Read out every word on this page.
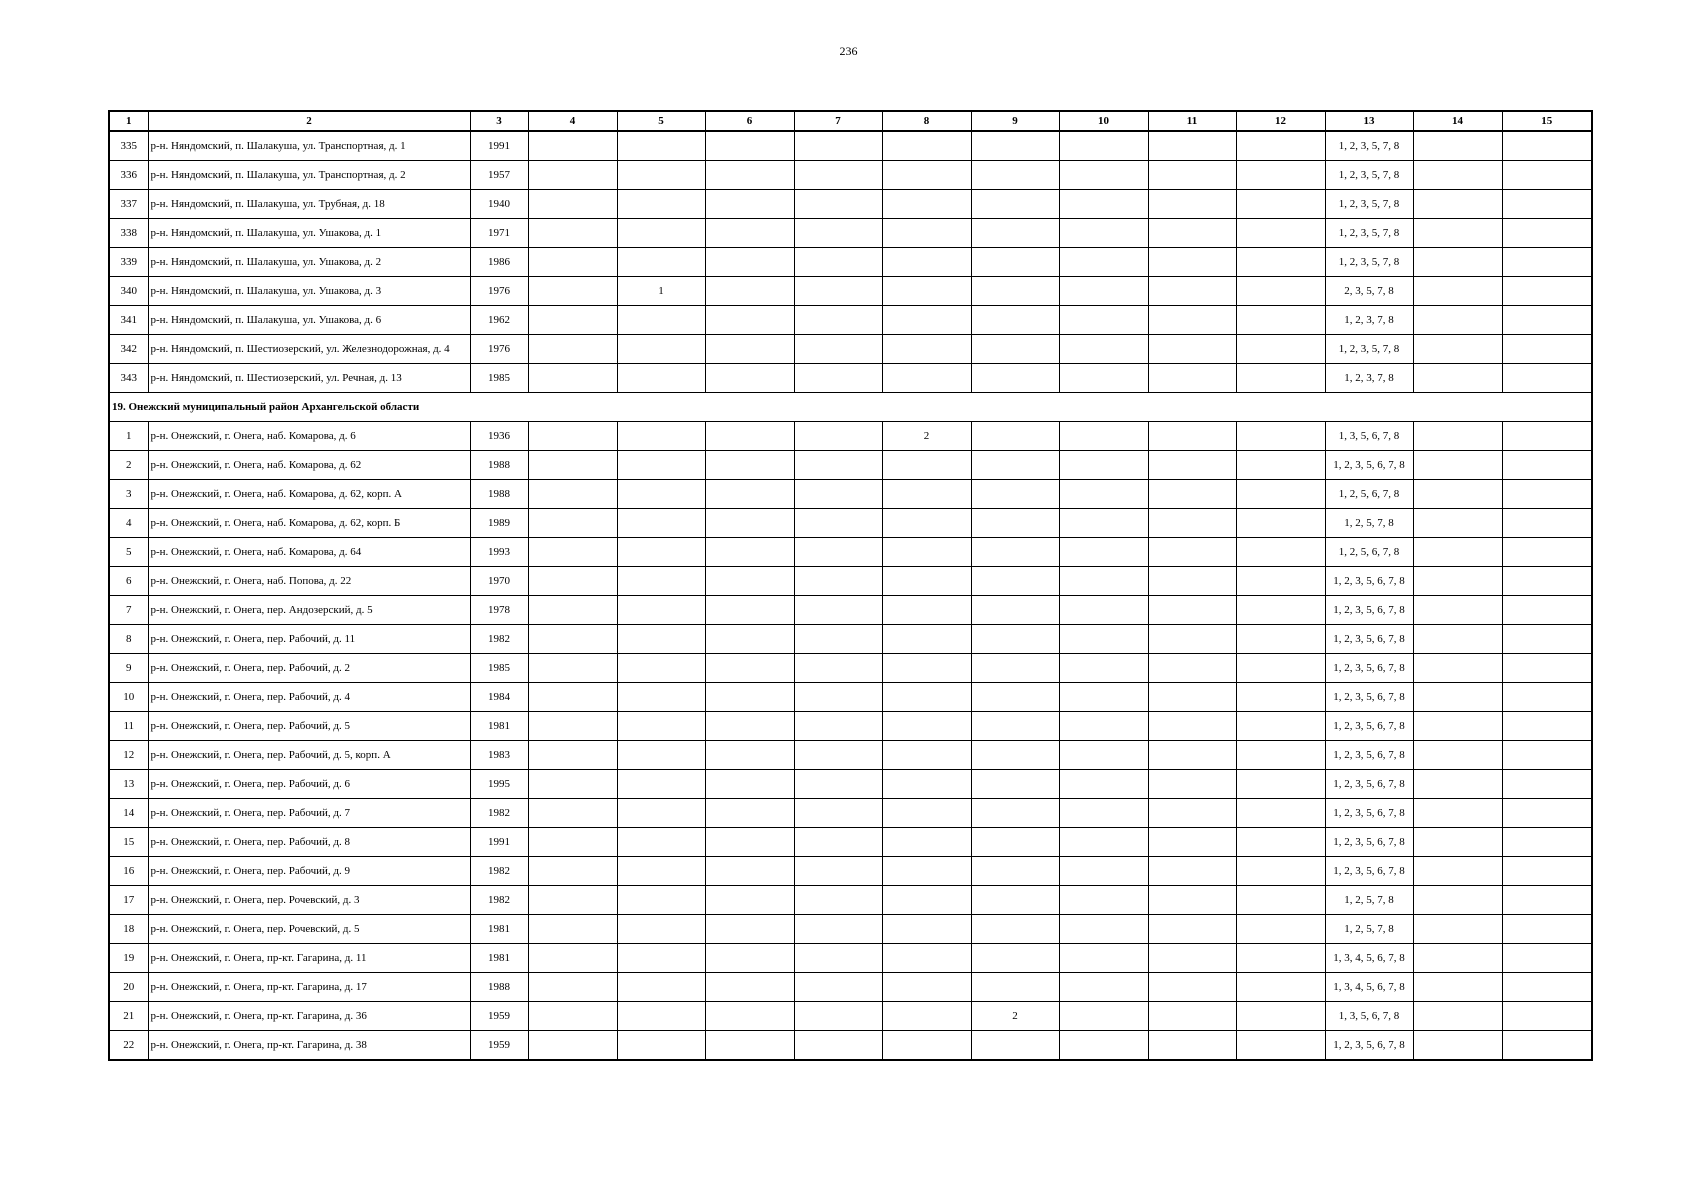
236
1	2	3	4	5	6	7	8	9	10	11	12	13	14	15
335	р-н. Няндомский, п. Шалакуша, ул. Транспортная, д. 1	1991										1, 2, 3, 5, 7, 8		
336	р-н. Няндомский, п. Шалакуша, ул. Транспортная, д. 2	1957										1, 2, 3, 5, 7, 8		
337	р-н. Няндомский, п. Шалакуша, ул. Трубная, д. 18	1940										1, 2, 3, 5, 7, 8		
338	р-н. Няндомский, п. Шалакуша, ул. Ушакова, д. 1	1971										1, 2, 3, 5, 7, 8		
339	р-н. Няндомский, п. Шалакуша, ул. Ушакова, д. 2	1986										1, 2, 3, 5, 7, 8		
340	р-н. Няндомский, п. Шалакуша, ул. Ушакова, д. 3	1976		1								2, 3, 5, 7, 8		
341	р-н. Няндомский, п. Шалакуша, ул. Ушакова, д. 6	1962										1, 2, 3, 7, 8		
342	р-н. Няндомский, п. Шестиозерский, ул. Железнодорожная, д. 4	1976										1, 2, 3, 5, 7, 8		
343	р-н. Няндомский, п. Шестиозерский, ул. Речная, д. 13	1985										1, 2, 3, 7, 8		
19. Онежский муниципальный район Архангельской области														
1	р-н. Онежский, г. Онега, наб. Комарова, д. 6	1936					2					1, 3, 5, 6, 7, 8		
2	р-н. Онежский, г. Онега, наб. Комарова, д. 62	1988										1, 2, 3, 5, 6, 7, 8		
3	р-н. Онежский, г. Онега, наб. Комарова, д. 62, корп. А	1988										1, 2, 5, 6, 7, 8		
4	р-н. Онежский, г. Онега, наб. Комарова, д. 62, корп. Б	1989										1, 2, 5, 7, 8		
5	р-н. Онежский, г. Онега, наб. Комарова, д. 64	1993										1, 2, 5, 6, 7, 8		
6	р-н. Онежский, г. Онега, наб. Попова, д. 22	1970										1, 2, 3, 5, 6, 7, 8		
7	р-н. Онежский, г. Онега, пер. Андозерский, д. 5	1978										1, 2, 3, 5, 6, 7, 8		
8	р-н. Онежский, г. Онега, пер. Рабочий, д. 11	1982										1, 2, 3, 5, 6, 7, 8		
9	р-н. Онежский, г. Онега, пер. Рабочий, д. 2	1985										1, 2, 3, 5, 6, 7, 8		
10	р-н. Онежский, г. Онега, пер. Рабочий, д. 4	1984										1, 2, 3, 5, 6, 7, 8		
11	р-н. Онежский, г. Онега, пер. Рабочий, д. 5	1981										1, 2, 3, 5, 6, 7, 8		
12	р-н. Онежский, г. Онега, пер. Рабочий, д. 5, корп. А	1983										1, 2, 3, 5, 6, 7, 8		
13	р-н. Онежский, г. Онега, пер. Рабочий, д. 6	1995										1, 2, 3, 5, 6, 7, 8		
14	р-н. Онежский, г. Онега, пер. Рабочий, д. 7	1982										1, 2, 3, 5, 6, 7, 8		
15	р-н. Онежский, г. Онега, пер. Рабочий, д. 8	1991										1, 2, 3, 5, 6, 7, 8		
16	р-н. Онежский, г. Онега, пер. Рабочий, д. 9	1982										1, 2, 3, 5, 6, 7, 8		
17	р-н. Онежский, г. Онега, пер. Рочевский, д. 3	1982										1, 2, 5, 7, 8		
18	р-н. Онежский, г. Онега, пер. Рочевский, д. 5	1981										1, 2, 5, 7, 8		
19	р-н. Онежский, г. Онега, пр-кт. Гагарина, д. 11	1981										1, 3, 4, 5, 6, 7, 8		
20	р-н. Онежский, г. Онега, пр-кт. Гагарина, д. 17	1988										1, 3, 4, 5, 6, 7, 8		
21	р-н. Онежский, г. Онега, пр-кт. Гагарина, д. 36	1959						2				1, 3, 5, 6, 7, 8		
22	р-н. Онежский, г. Онега, пр-кт. Гагарина, д. 38	1959										1, 2, 3, 5, 6, 7, 8		
